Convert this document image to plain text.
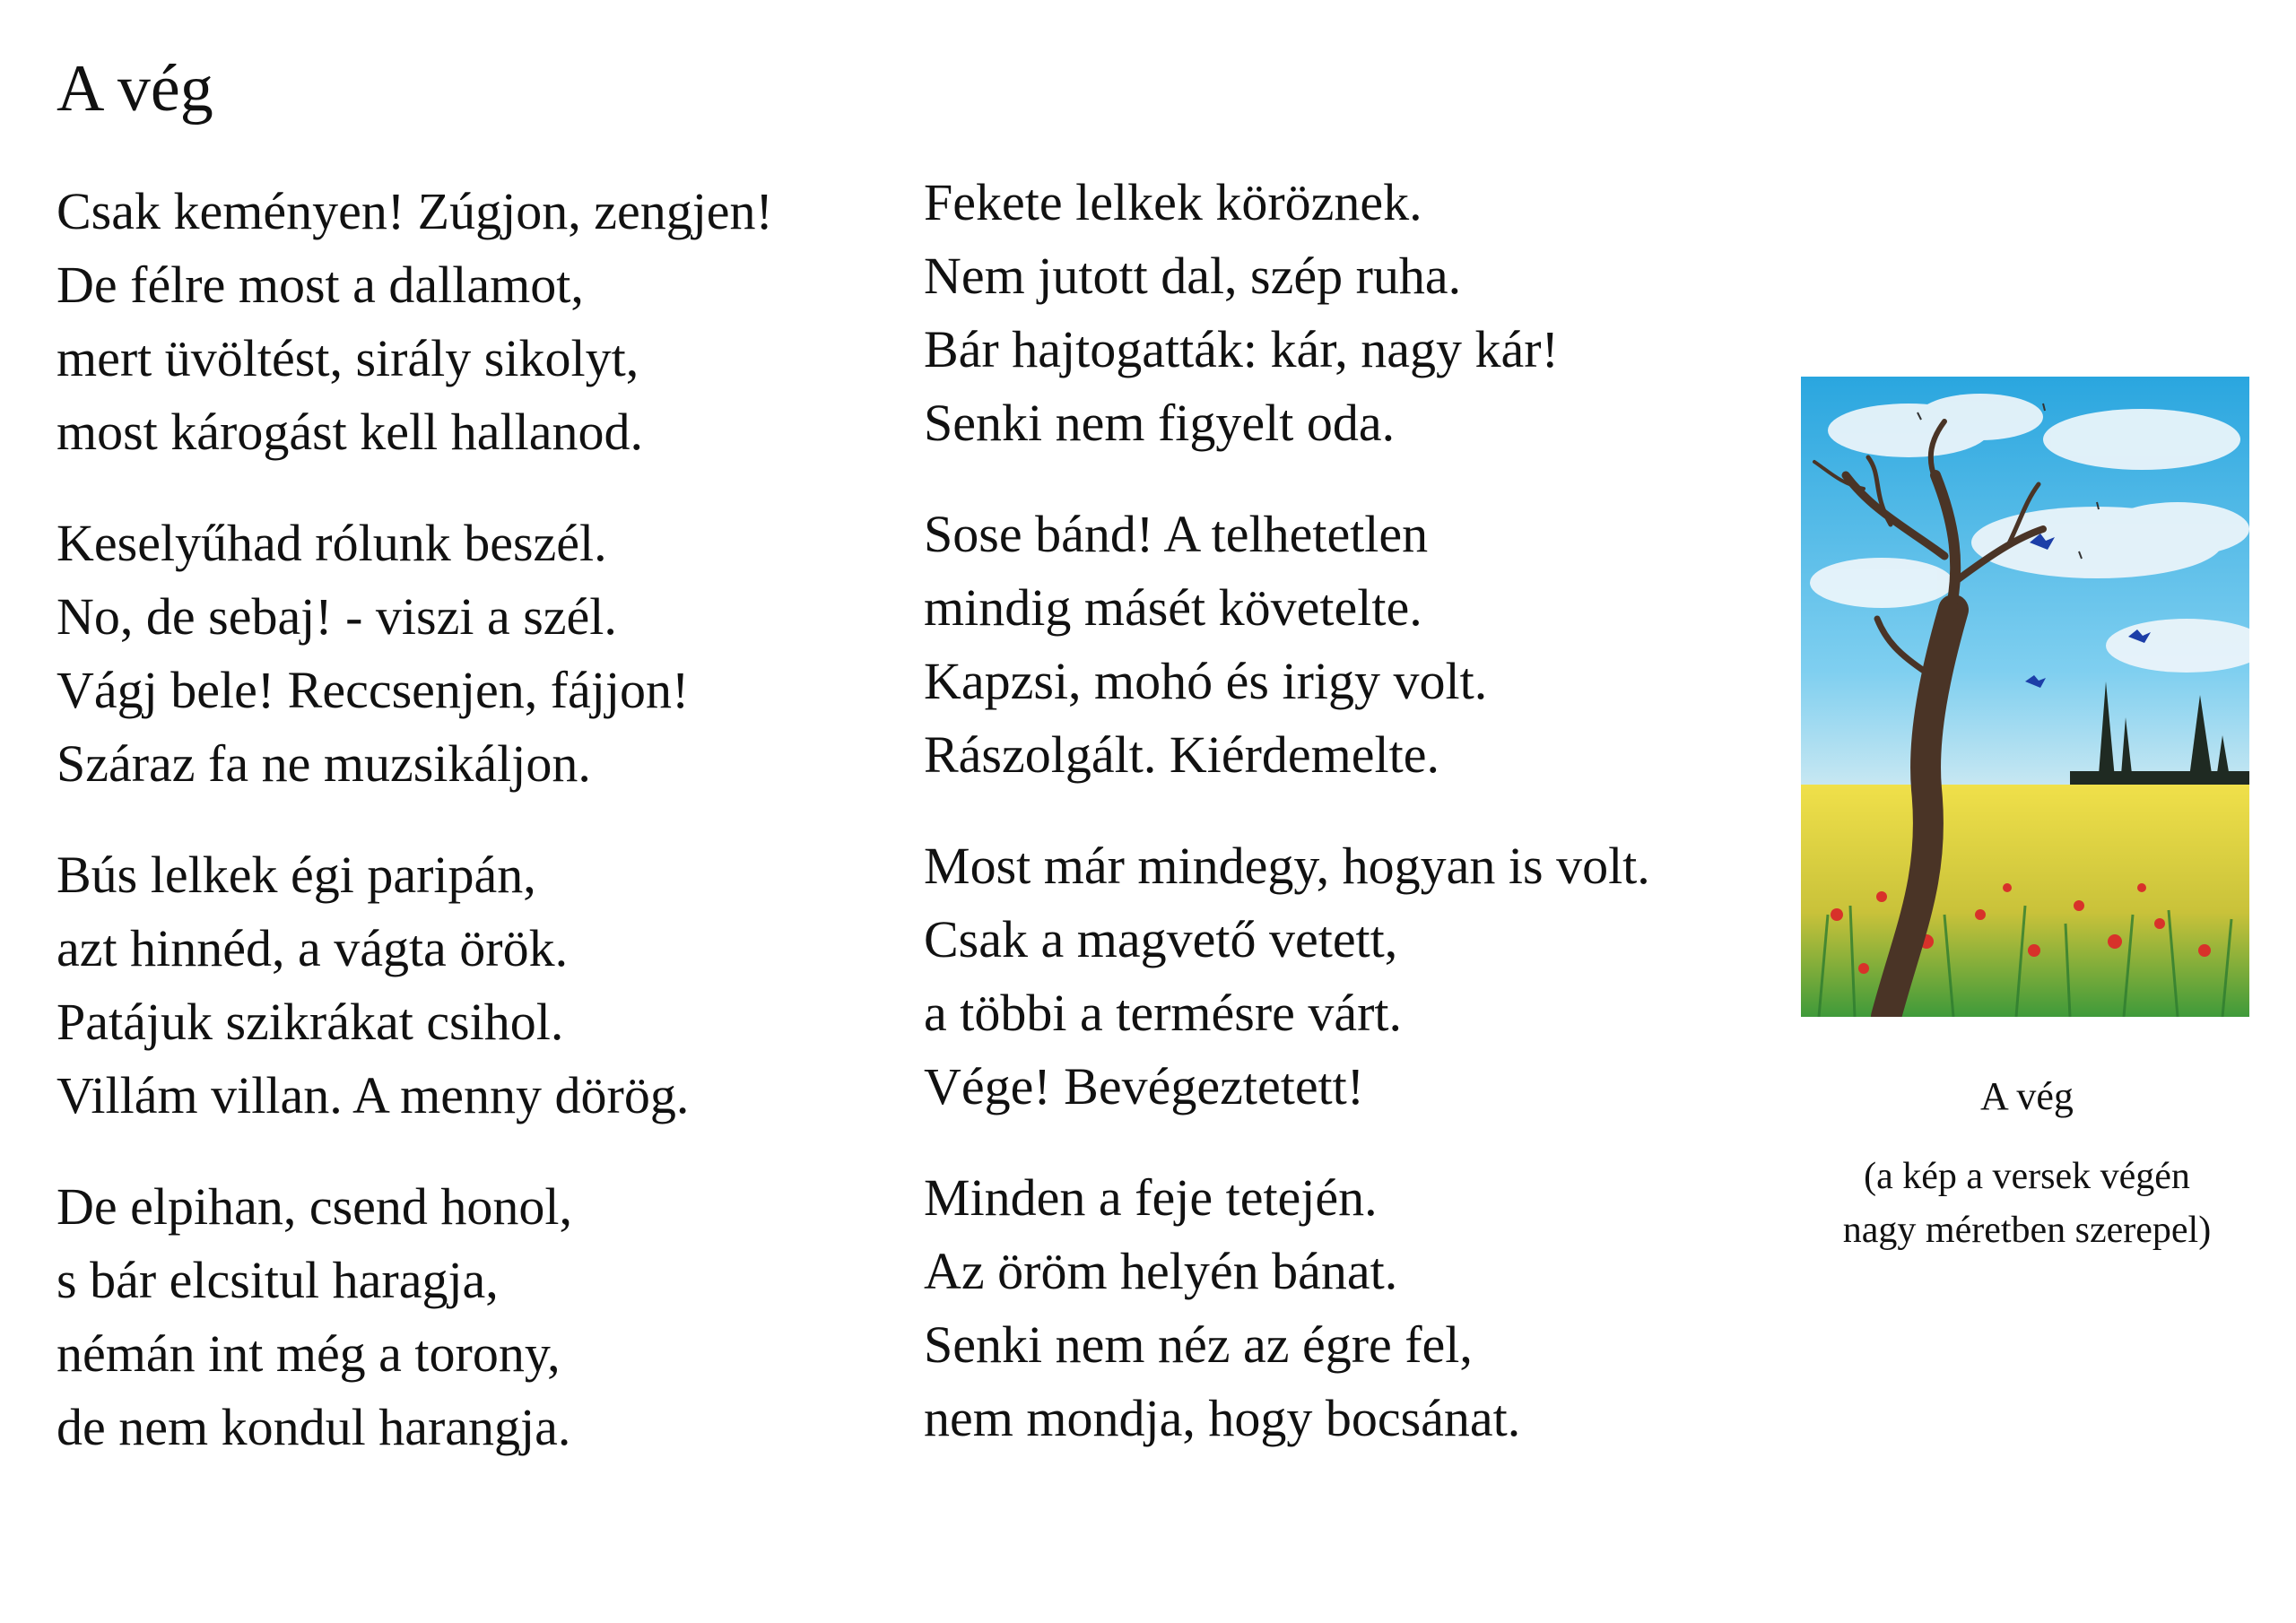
A vég
Csak keményen! Zúgjon, zengjen!
De félre most a dallamot,
mert üvöltést, sirály sikolyt,
most károgást kell hallanod.
Keselyűhad rólunk beszél.
No, de sebaj! - viszi a szél.
Vágj bele! Reccsenjen, fájjon!
Száraz fa ne muzsikáljon.
Bús lelkek égi paripán,
azt hinnéd, a vágta örök.
Patájuk szikrákat csihol.
Villám villan. A menny dörög.
De elpihan, csend honol,
s bár elcsitul haragja,
némán int még a torony,
de nem kondul harangja.
Fekete lelkek köröznek.
Nem jutott dal, szép ruha.
Bár hajtogatták: kár, nagy kár!
Senki nem figyelt oda.
Sose bánd! A telhetetlen
mindig másét követelte.
Kapzsi, mohó és irigy volt.
Rászolgált. Kiérdemelte.
Most már mindegy, hogyan is volt.
Csak a magvető vetett,
a többi a termésre várt.
Vége! Bevégeztetett!
Minden a feje tetején.
Az öröm helyén bánat.
Senki nem néz az égre fel,
nem mondja, hogy bocsánat.
A vég
(a kép a versek végén
nagy méretben szerepel)
